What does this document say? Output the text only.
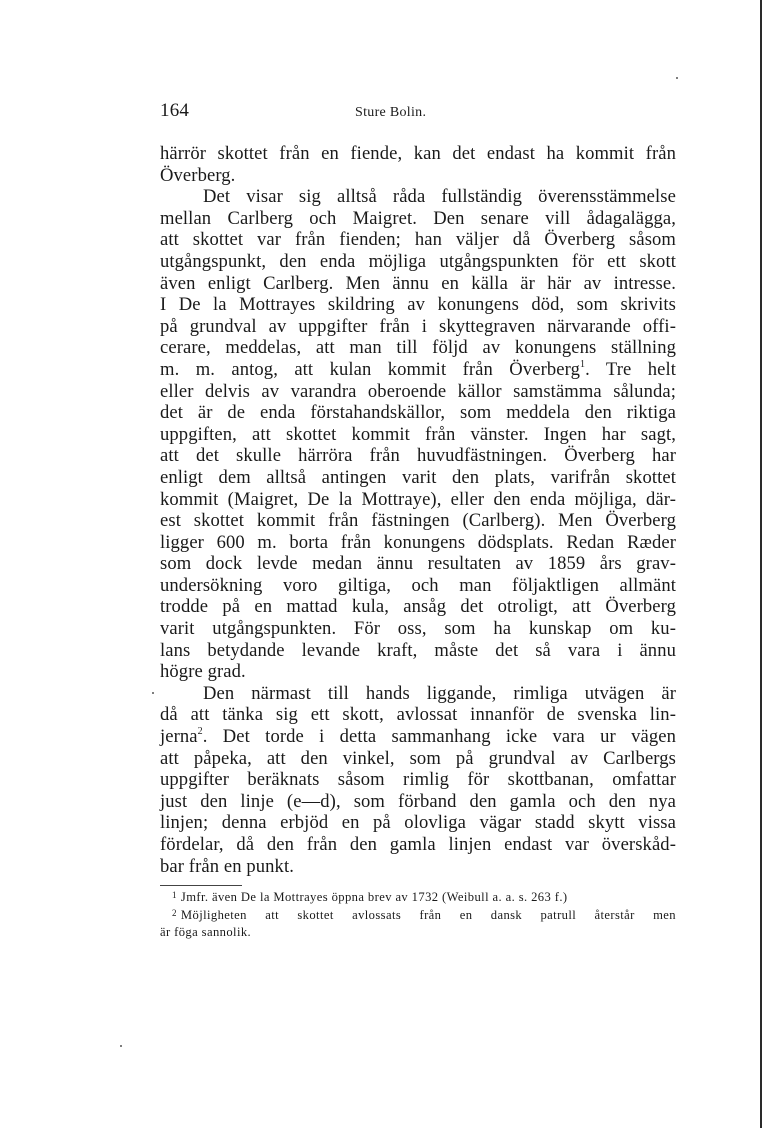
164	Sture Bolin.
härrör skottet från en fiende, kan det endast ha kommit från
Överberg.
Det visar sig alltså råda fullständig överensstämmelse
mellan Carlberg och Maigret. Den senare vill ådagalägga,
att skottet var från fienden; han väljer då Överberg såsom
utgångspunkt, den enda möjliga utgångspunkten för ett skott
även enligt Carlberg. Men ännu en källa är här av intresse.
I De la Mottrayes skildring av konungens död, som skrivits
på grundval av uppgifter från i skyttegraven närvarande offi-
cerare, meddelas, att man till följd av konungens ställning
m. m. antog, att kulan kommit från Överberg$^1$. Tre helt
eller delvis av varandra oberoende källor samstämma sålunda;
det är de enda förstahandskällor, som meddela den riktiga
uppgiften, att skottet kommit från vänster. Ingen har sagt,
att det skulle härröra från huvudfästningen. Överberg har
enligt dem alltså antingen varit den plats, varifrån skottet
kommit (Maigret, De la Mottraye), eller den enda möjliga, där-
est skottet kommit från fästningen (Carlberg). Men Överberg
ligger 600 m. borta från konungens dödsplats. Redan Ræder
som dock levde medan ännu resultaten av 1859 års grav-
undersökning voro giltiga, och man följaktligen allmänt
trodde på en mattad kula, ansåg det otroligt, att Överberg
varit utgångspunkten. För oss, som ha kunskap om ku-
lans betydande levande kraft, måste det så vara i ännu
högre grad.
Den närmast till hands liggande, rimliga utvägen är
då att tänka sig ett skott, avlossat innanför de svenska lin-
jerna$^2$. Det torde i detta sammanhang icke vara ur vägen
att påpeka, att den vinkel, som på grundval av Carlbergs
uppgifter beräknats såsom rimlig för skottbanan, omfattar
just den linje (e—d), som förband den gamla och den nya
linjen; denna erbjöd en på olovliga vägar stadd skytt vissa
fördelar, då den från den gamla linjen endast var överskåd-
bar från en punkt.
$^1$ Jmfr. även De la Mottrayes öppna brev av 1732 (Weibull a. a. s. 263 f.)
$^2$ Möjligheten att skottet avlossats från en dansk patrull återstår men
är föga sannolik.
